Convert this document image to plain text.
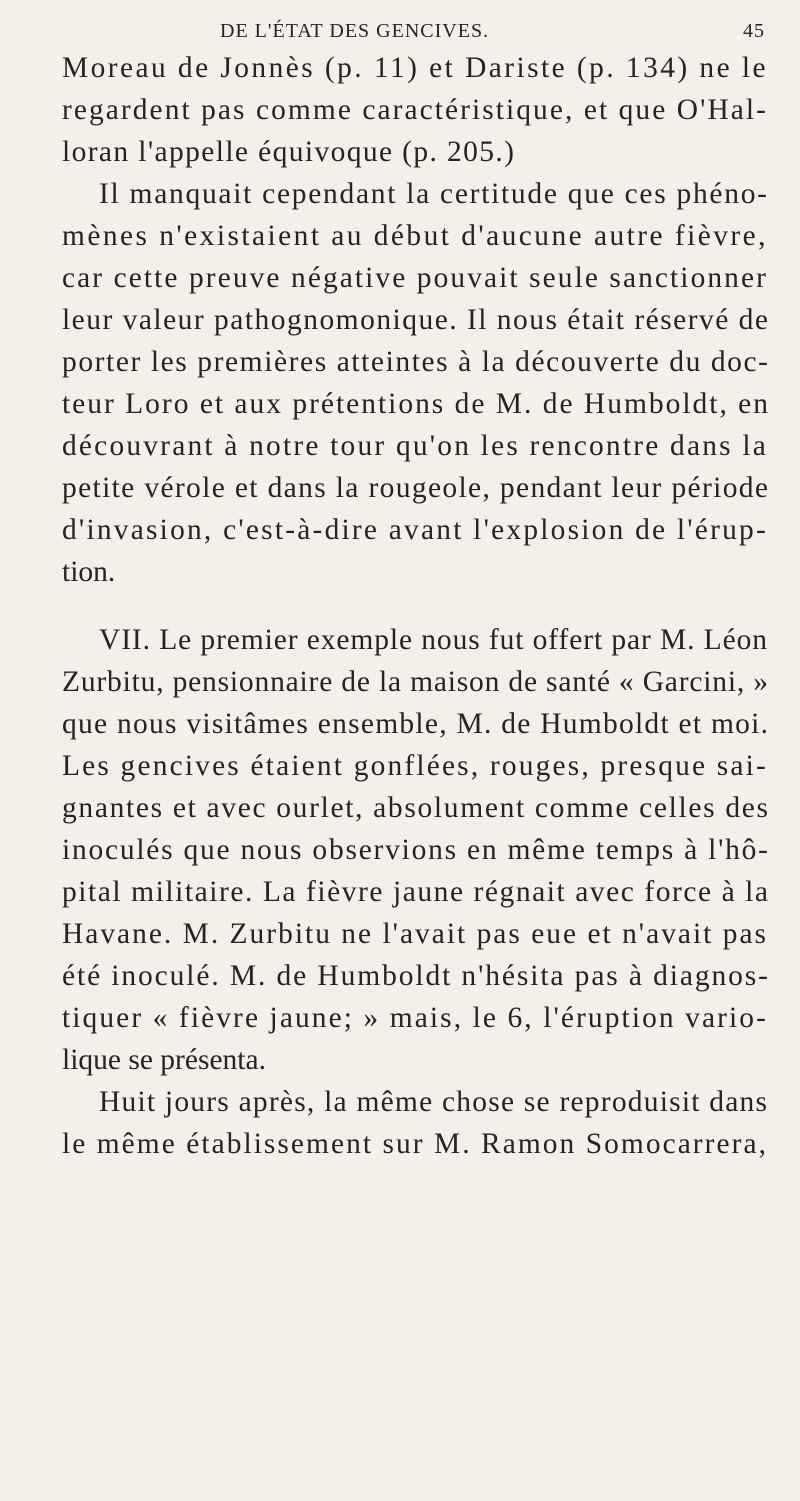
DE L'ÉTAT DES GENCIVES.	45
Moreau de Jonnès (p. 11) et Dariste (p. 134) ne le
regardent pas comme caractéristique, et que O'Hal-
loran l'appelle équivoque (p. 205.)
Il manquait cependant la certitude que ces phéno-
mènes n'existaient au début d'aucune autre fièvre,
car cette preuve négative pouvait seule sanctionner
leur valeur pathognomonique. Il nous était réservé de
porter les premières atteintes à la découverte du doc-
teur Loro et aux prétentions de M. de Humboldt, en
découvrant à notre tour qu'on les rencontre dans la
petite vérole et dans la rougeole, pendant leur période
d'invasion, c'est-à-dire avant l'explosion de l'érup-
tion.
VII. Le premier exemple nous fut offert par M. Léon
Zurbitu, pensionnaire de la maison de santé « Garcini, »
que nous visitâmes ensemble, M. de Humboldt et moi.
Les gencives étaient gonflées, rouges, presque sai-
gnantes et avec ourlet, absolument comme celles des
inoculés que nous observions en même temps à l'hô-
pital militaire. La fièvre jaune régnait avec force à la
Havane. M. Zurbitu ne l'avait pas eue et n'avait pas
été inoculé. M. de Humboldt n'hésita pas à diagnos-
tiquer « fièvre jaune; » mais, le 6, l'éruption vario-
lique se présenta.
Huit jours après, la même chose se reproduisit dans
le même établissement sur M. Ramon Somocarrera,
